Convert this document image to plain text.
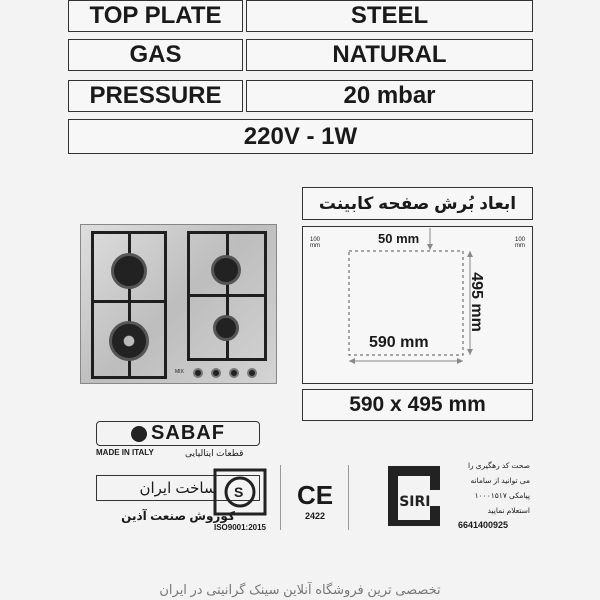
TOP PLATE	STEEL
GAS	NATURAL
PRESSURE	20 mbar
220V - 1W
MIX
ابعاد بُرش صفحه کابینت
100 mm
100 mm
50 mm
590 mm
495 mm
590 x 495 mm
SABAF
MADE IN ITALY	قطعات ایتالیایی
ساخت ایران
کوروش صنعت آذین
S
ISO9001:2015
CE
2422
ISIRI
صحت کد رهگیری را
می توانید از سامانه
پیامکی ۱۰۰۰۱۵۱۷
استعلام نمایید
6641400925
تخصصی ترین فروشگاه آنلاین سینک گرانیتی در ایران
